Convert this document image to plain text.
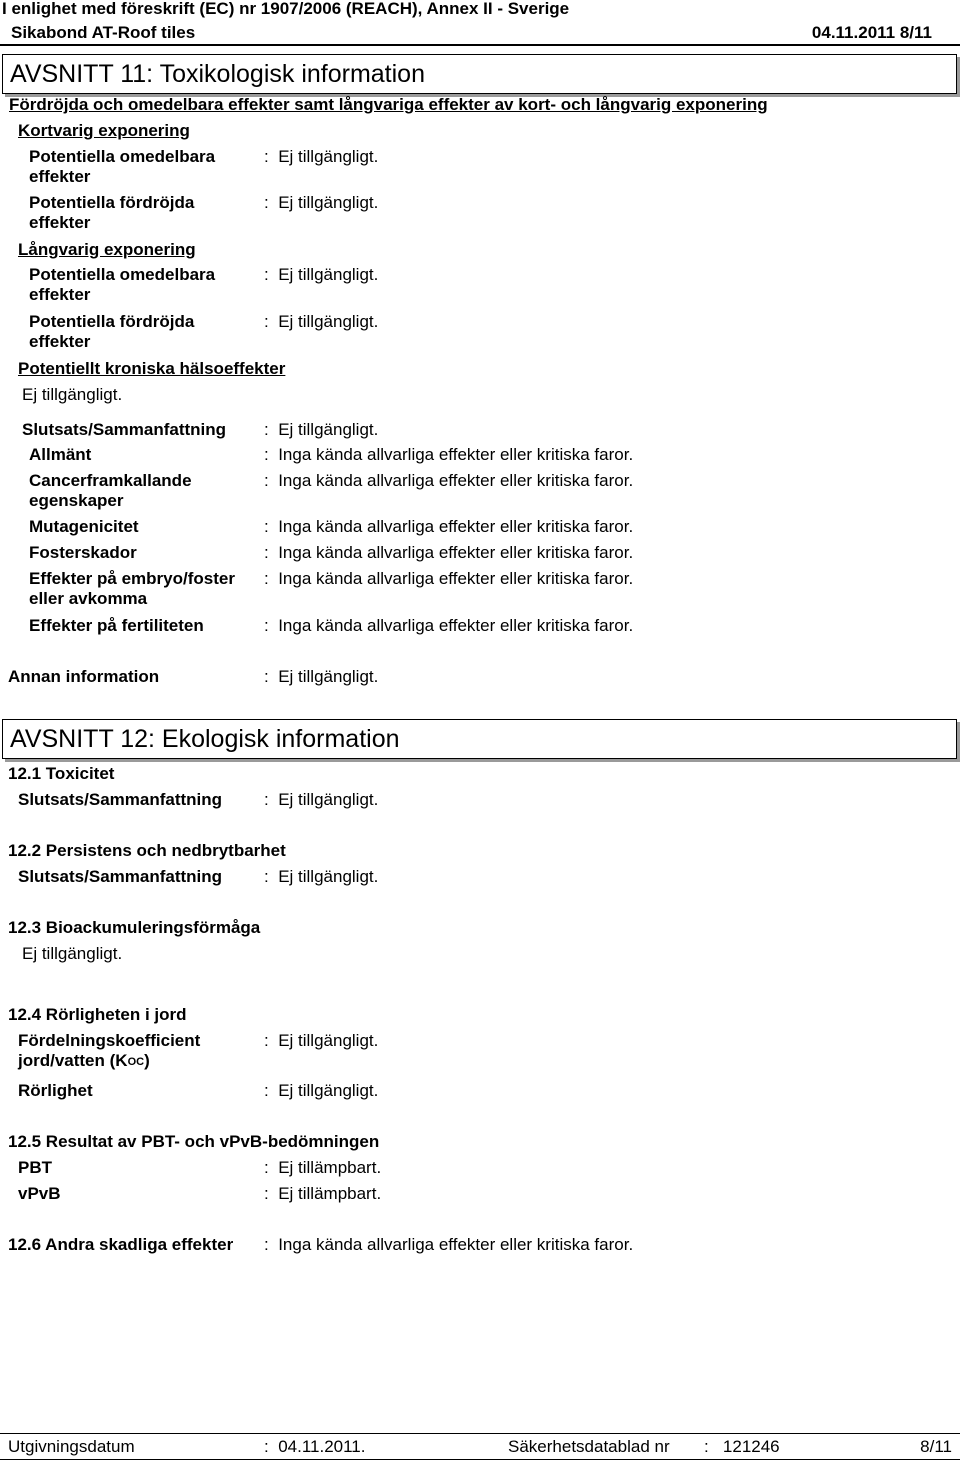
I enlighet med föreskrift (EC) nr 1907/2006 (REACH), Annex II - Sverige
Sikabond AT-Roof tiles	04.11.2011 8/11
AVSNITT 11: Toxikologisk information
Fördröjda och omedelbara effekter samt långvariga effekter av kort- och långvarig exponering
Kortvarig exponering
Potentiella omedelbara
effekter
: Ej tillgängligt.
Potentiella fördröjda
effekter
: Ej tillgängligt.
Långvarig exponering
Potentiella omedelbara
effekter
: Ej tillgängligt.
Potentiella fördröjda
effekter
: Ej tillgängligt.
Potentiellt kroniska hälsoeffekter
Ej tillgängligt.
Slutsats/Sammanfattning : Ej tillgängligt.
Allmänt	: Inga kända allvarliga effekter eller kritiska faror.
Cancerframkallande
egenskaper
: Inga kända allvarliga effekter eller kritiska faror.
Mutagenicitet	: Inga kända allvarliga effekter eller kritiska faror.
Fosterskador	: Inga kända allvarliga effekter eller kritiska faror.
Effekter på embryo/foster
eller avkomma
: Inga kända allvarliga effekter eller kritiska faror.
Effekter på fertiliteten	: Inga kända allvarliga effekter eller kritiska faror.
Annan information	: Ej tillgängligt.
AVSNITT 12: Ekologisk information
12.1 Toxicitet
Slutsats/Sammanfattning : Ej tillgängligt.
12.2 Persistens och nedbrytbarhet
Slutsats/Sammanfattning : Ej tillgängligt.
12.3 Bioackumuleringsförmåga
Ej tillgängligt.
12.4 Rörligheten i jord
Fördelningskoefficient
jord/vatten $(K_{OC})$
: Ej tillgängligt.
Rörlighet	: Ej tillgängligt.
12.5 Resultat av PBT- och vPvB-bedömningen
PBT	: Ej tillämpbart.
vPvB	: Ej tillämpbart.
12.6 Andra skadliga effekter : Inga kända allvarliga effekter eller kritiska faror.
Utgivningsdatum	: 04.11.2011.	Säkerhetsdatablad nr : 121246	8/11
